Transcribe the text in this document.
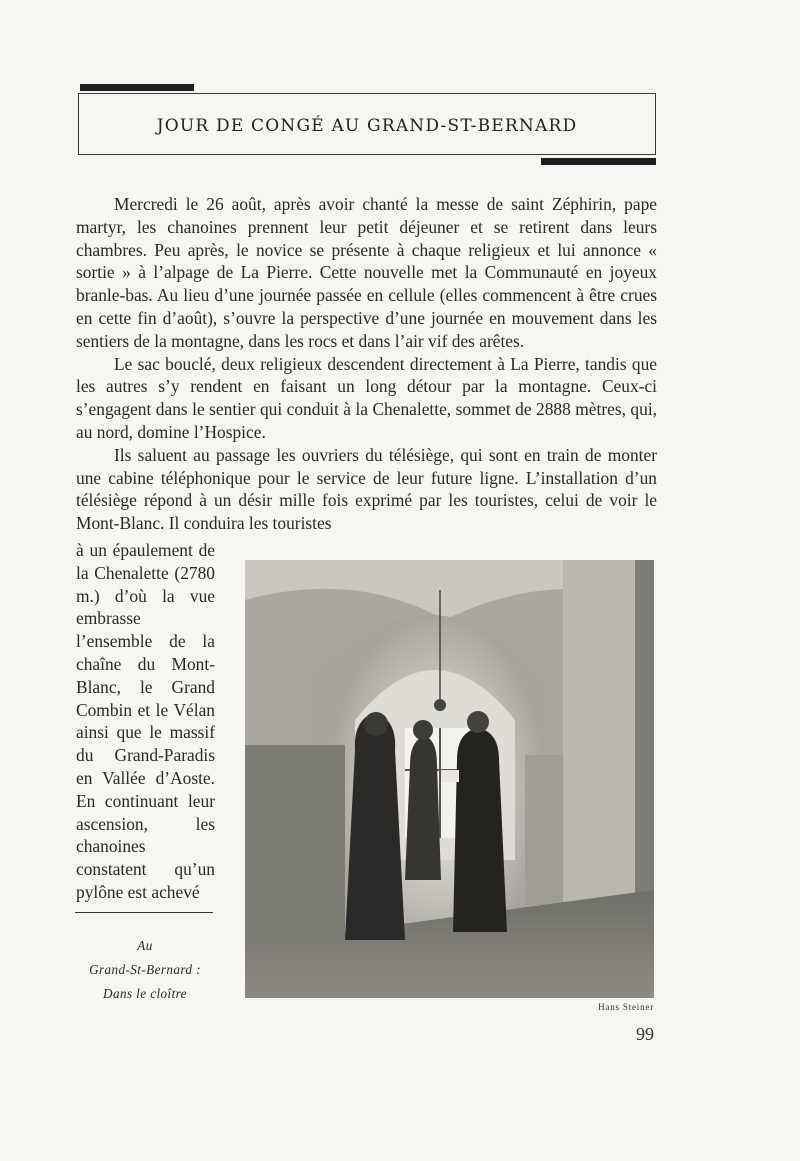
JOUR DE CONGÉ AU GRAND-ST-BERNARD

Mercredi le 26 août, après avoir chanté la messe de saint Zéphirin, pape martyr, les chanoines prennent leur petit déjeuner et se retirent dans leurs chambres. Peu après, le novice se présente à chaque religieux et lui annonce « sortie » à l’alpage de La Pierre. Cette nouvelle met la Communauté en joyeux branle-bas. Au lieu d’une journée passée en cellule (elles commencent à être crues en cette fin d’août), s’ouvre la perspective d’une journée en mouvement dans les sentiers de la montagne, dans les rocs et dans l’air vif des arêtes.

Le sac bouclé, deux religieux descendent directement à La Pierre, tandis que les autres s’y rendent en faisant un long détour par la montagne. Ceux-ci s’engagent dans le sentier qui conduit à la Chenalette, sommet de 2888 mètres, qui, au nord, domine l’Hospice.

Ils saluent au passage les ouvriers du télésiège, qui sont en train de monter une cabine téléphonique pour le service de leur future ligne. L’installation d’un télésiège répond à un désir mille fois exprimé par les touristes, celui de voir le Mont-Blanc. Il conduira les touristes

à un épaulement de la Chenalette (2780 m.) d’où la vue embrasse l’ensemble de la chaîne du Mont-Blanc, le Grand Combin et le Vélan ainsi que le massif du Grand-Paradis en Vallée d’Aoste. En continuant leur ascension, les chanoines constatent qu’un pylône est achevé
Au
Grand-St-Bernard :
Dans le cloître
Hans Steiner
99
